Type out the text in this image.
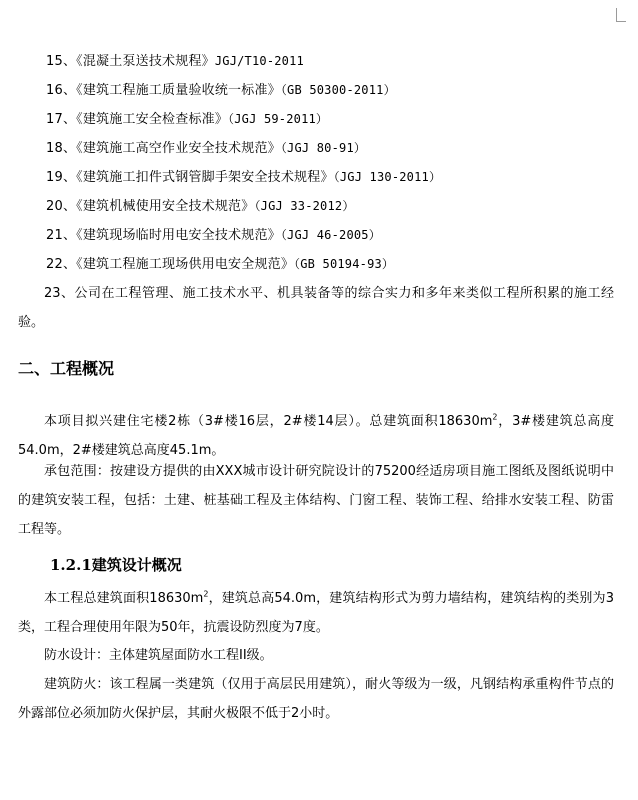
15、《混凝土泵送技术规程》JGJ/T10-2011
16、《建筑工程施工质量验收统一标准》（GB 50300-2011）
17、《建筑施工安全检查标准》（JGJ 59-2011）
18、《建筑施工高空作业安全技术规范》（JGJ 80-91）
19、《建筑施工扣件式钢管脚手架安全技术规程》（JGJ 130-2011）
20、《建筑机械使用安全技术规范》（JGJ 33-2012）
21、《建筑现场临时用电安全技术规范》（JGJ 46-2005）
22、《建筑工程施工现场供用电安全规范》（GB 50194-93）
23、公司在工程管理、施工技术水平、机具装备等的综合实力和多年来类似工程所积累的施工经验。
二、工程概况
本项目拟兴建住宅楼2栋（3#楼16层，2#楼14层）。总建筑面积$18630m^2$，3#楼建筑总高度54.0m，2#楼建筑总高度45.1m。
承包范围：按建设方提供的由XXX城市设计研究院设计的75200经适房项目施工图纸及图纸说明中的建筑安装工程，包括：土建、桩基础工程及主体结构、门窗工程、装饰工程、给排水安装工程、防雷工程等。
1.2.1建筑设计概况
本工程总建筑面积$18630m^2$，建筑总高54.0m，建筑结构形式为剪力墙结构，建筑结构的类别为3类，工程合理使用年限为50年，抗震设防烈度为7度。
防水设计：主体建筑屋面防水工程II级。
建筑防火：该工程属一类建筑（仅用于高层民用建筑），耐火等级为一级，凡钢结构承重构件节点的外露部位必须加防火保护层，其耐火极限不低于2小时。
